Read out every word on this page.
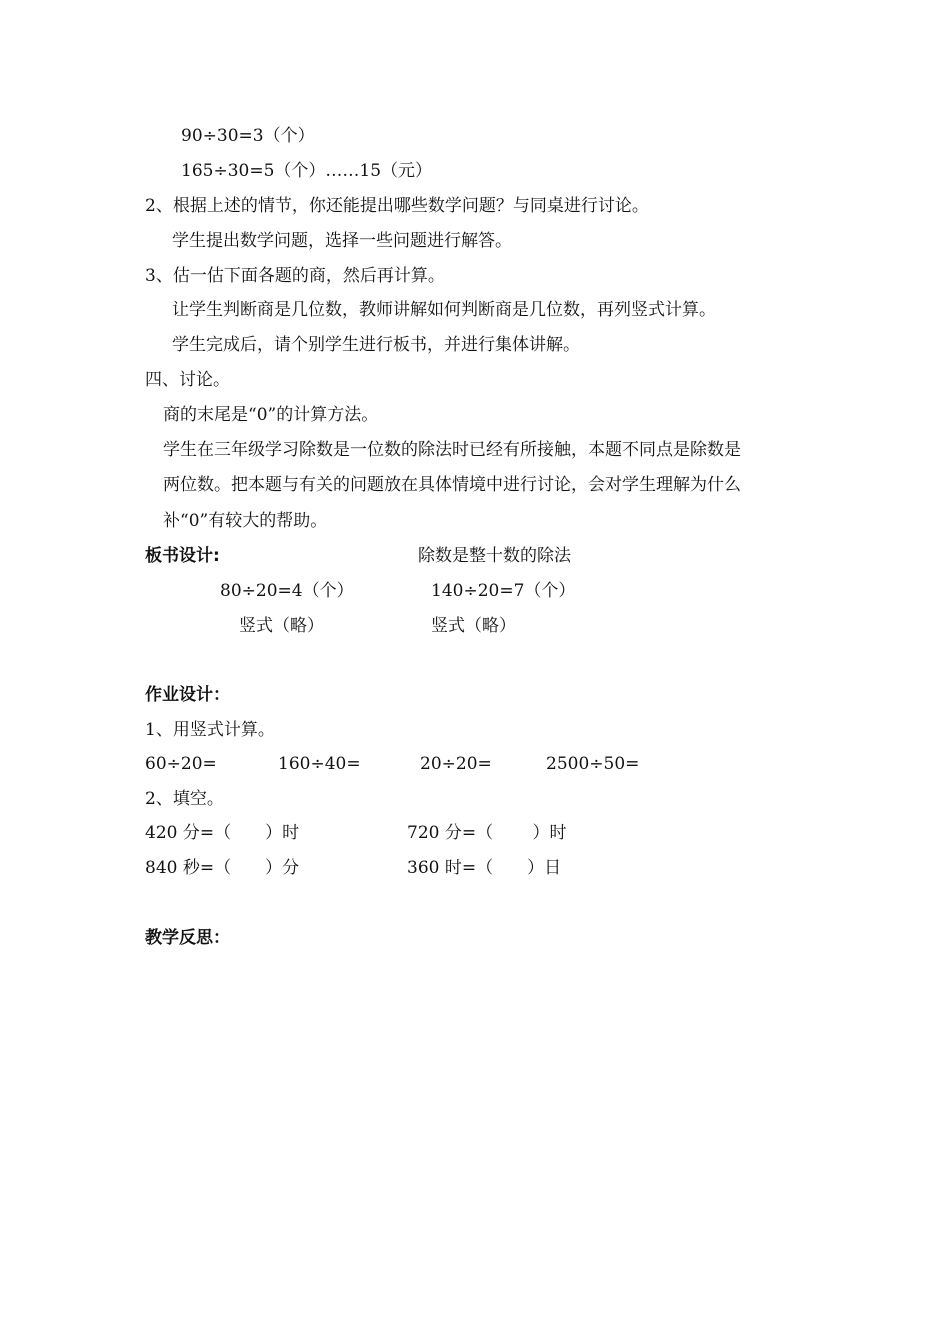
90÷30=3（个）
165÷30=5（个）……15（元）
2、根据上述的情节，你还能提出哪些数学问题？与同桌进行讨论。
学生提出数学问题，选择一些问题进行解答。
3、估一估下面各题的商，然后再计算。
让学生判断商是几位数，教师讲解如何判断商是几位数，再列竖式计算。
学生完成后，请个别学生进行板书，并进行集体讲解。
四、讨论。
商的末尾是“0”的计算方法。
学生在三年级学习除数是一位数的除法时已经有所接触，本题不同点是除数是
两位数。把本题与有关的问题放在具体情境中进行讨论，会对学生理解为什么
补“0”有较大的帮助。
板书设计:	除数是整十数的除法
80÷20=4（个）	140÷20=7（个）
竖式（略）	竖式（略）
作业设计：
1、用竖式计算。
60÷20=	160÷40=	20÷20=	2500÷50=
2、填空。
420 分=（　　）时	720 分=（　　 ）时
840 秒=（　　）分	360 时=（　　）日
教学反思：
